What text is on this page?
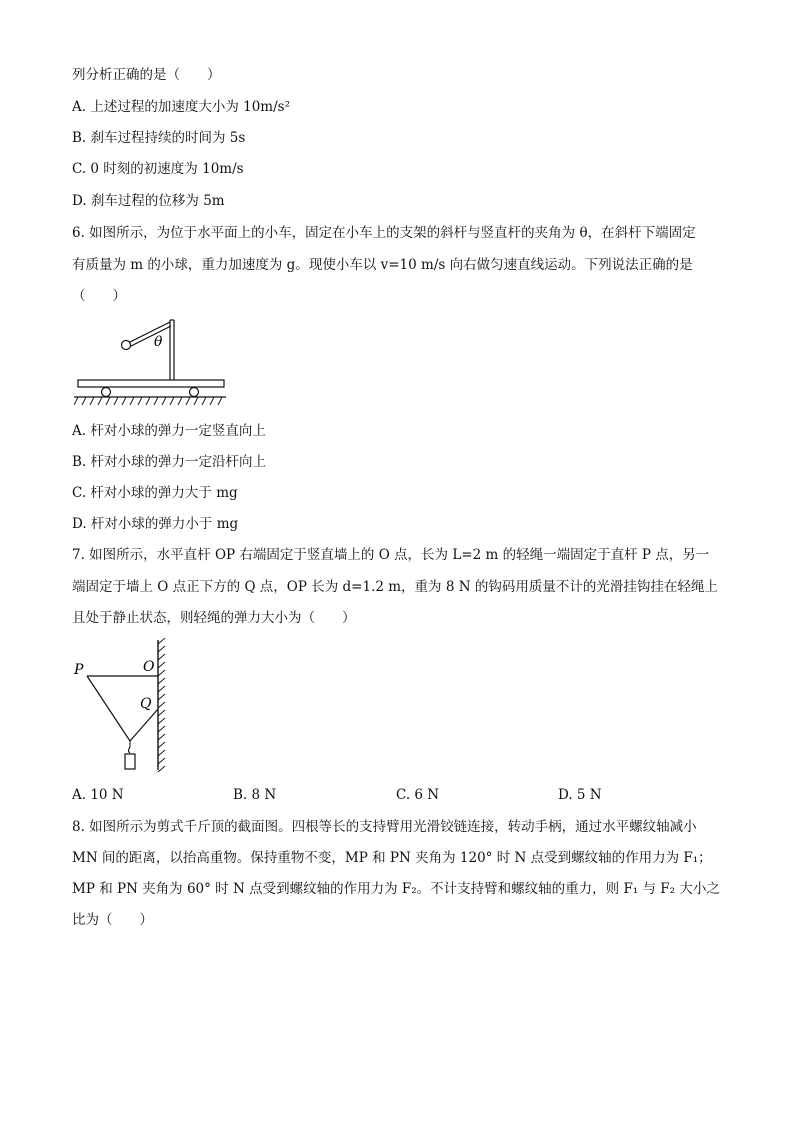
列分析正确的是（　　）
A. 上述过程的加速度大小为 10m/s²
B. 刹车过程持续的时间为 5s
C. 0 时刻的初速度为 10m/s
D. 刹车过程的位移为 5m
6. 如图所示，为位于水平面上的小车，固定在小车上的支架的斜杆与竖直杆的夹角为 θ，在斜杆下端固定
有质量为 m 的小球，重力加速度为 g。现使小车以 v=10 m/s 向右做匀速直线运动。下列说法正确的是
（　　）
θ
A. 杆对小球的弹力一定竖直向上
B. 杆对小球的弹力一定沿杆向上
C. 杆对小球的弹力大于 mg
D. 杆对小球的弹力小于 mg
7. 如图所示，水平直杆 OP 右端固定于竖直墙上的 O 点，长为 L=2 m 的轻绳一端固定于直杆 P 点，另一
端固定于墙上 O 点正下方的 Q 点，OP 长为 d=1.2 m，重为 8 N 的钩码用质量不计的光滑挂钩挂在轻绳上
且处于静止状态，则轻绳的弹力大小为（　　）
P	O
Q
A. 10 N	B. 8 N	C. 6 N	D. 5 N
8. 如图所示为剪式千斤顶的截面图。四根等长的支持臂用光滑铰链连接，转动手柄，通过水平螺纹轴减小
MN 间的距离，以抬高重物。保持重物不变，MP 和 PN 夹角为 120° 时 N 点受到螺纹轴的作用力为 F₁；
MP 和 PN 夹角为 60° 时 N 点受到螺纹轴的作用力为 F₂。不计支持臂和螺纹轴的重力，则 F₁ 与 F₂ 大小之
比为（　　）
